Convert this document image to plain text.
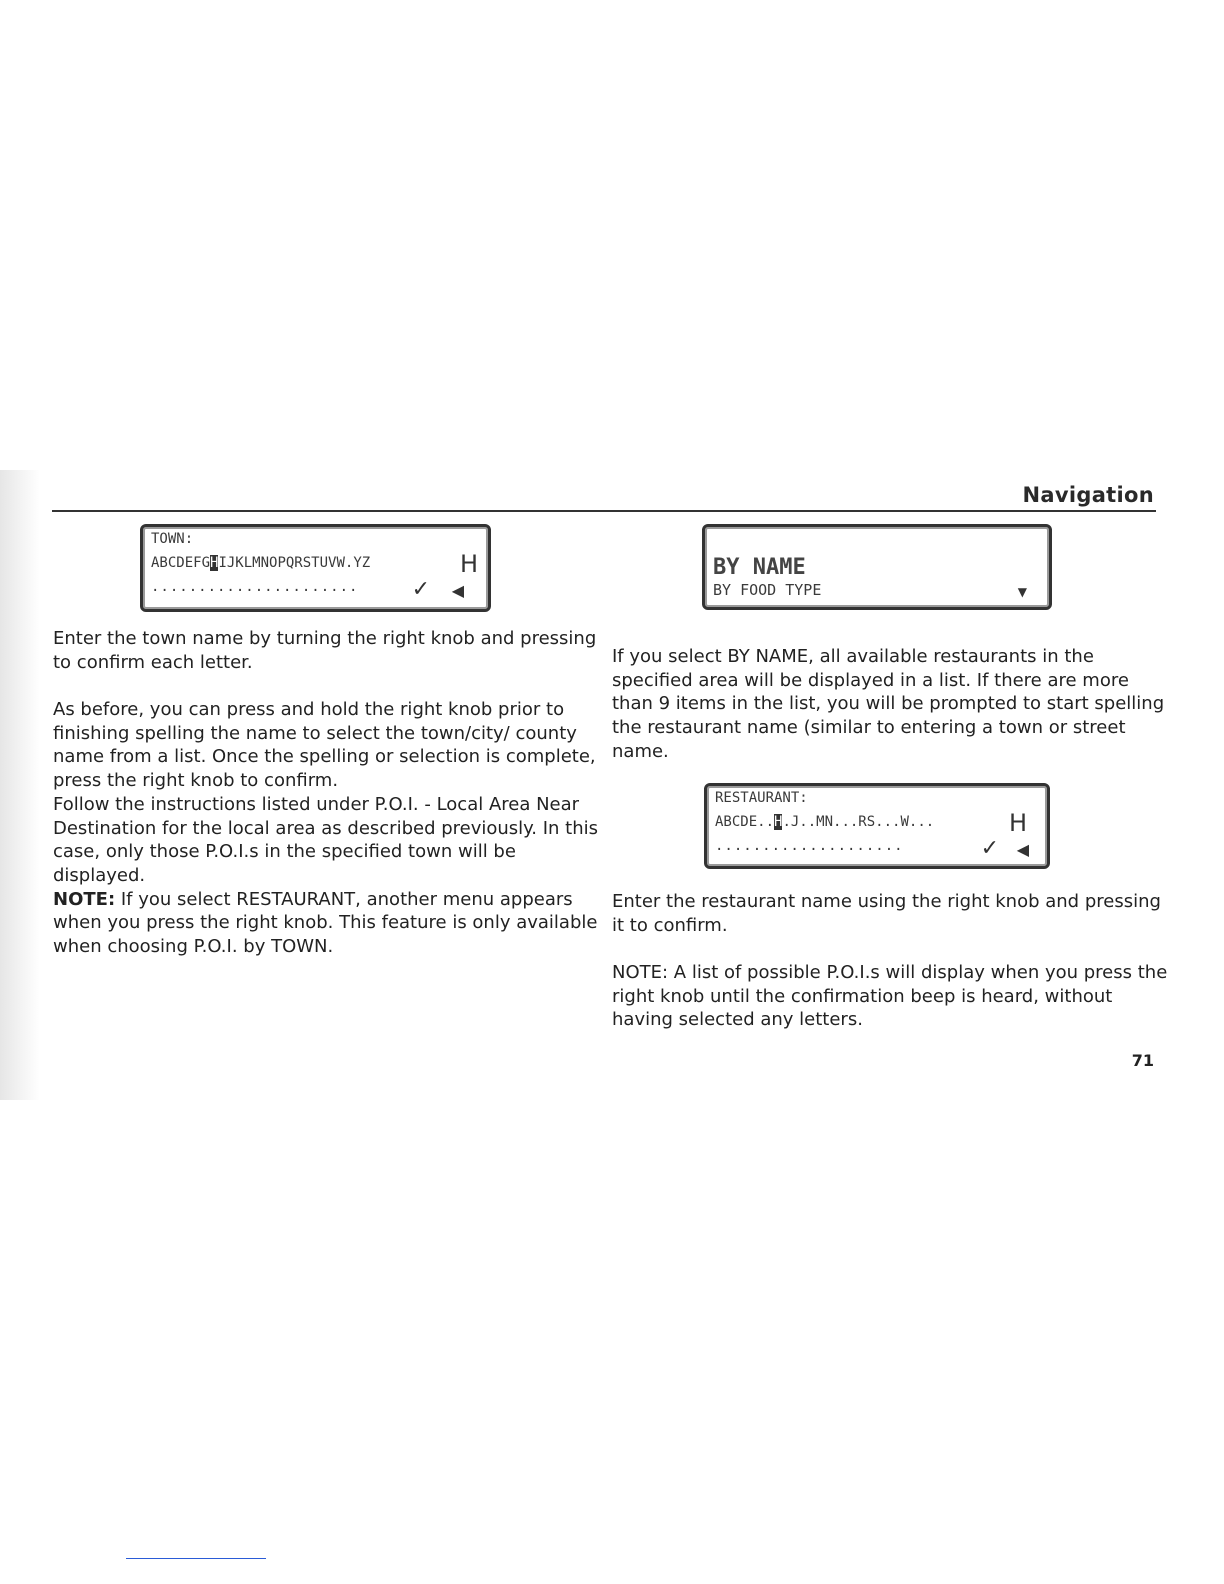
Navigation
TOWN:
ABCDEFGHIJKLMNOPQRSTUVW.YZ	H
...................... ✓ ◀
BY NAME
BY FOOD TYPE	▼
RESTAURANT:
ABCDE..H.J..MN...RS...W...	H
....................	✓ ◀

Enter the town name by turning the right knob and pressing to confirm each letter.

As before, you can press and hold the right knob prior to finishing spelling the name to select the town/city/ county name from a list. Once the spelling or selection is complete, press the right knob to confirm.
Follow the instructions listed under P.O.I. - Local Area Near Destination for the local area as described previously. In this case, only those P.O.I.s in the specified town will be displayed.
NOTE: If you select RESTAURANT, another menu appears when you press the right knob. This feature is only available when choosing P.O.I. by TOWN.

If you select BY NAME, all available restaurants in the specified area will be displayed in a list. If there are more than 9 items in the list, you will be prompted to start spelling the restaurant name (similar to entering a town or street name.

Enter the restaurant name using the right knob and pressing it to confirm.

NOTE: A list of possible P.O.I.s will display when you press the right knob until the confirmation beep is heard, without having selected any letters.

71
